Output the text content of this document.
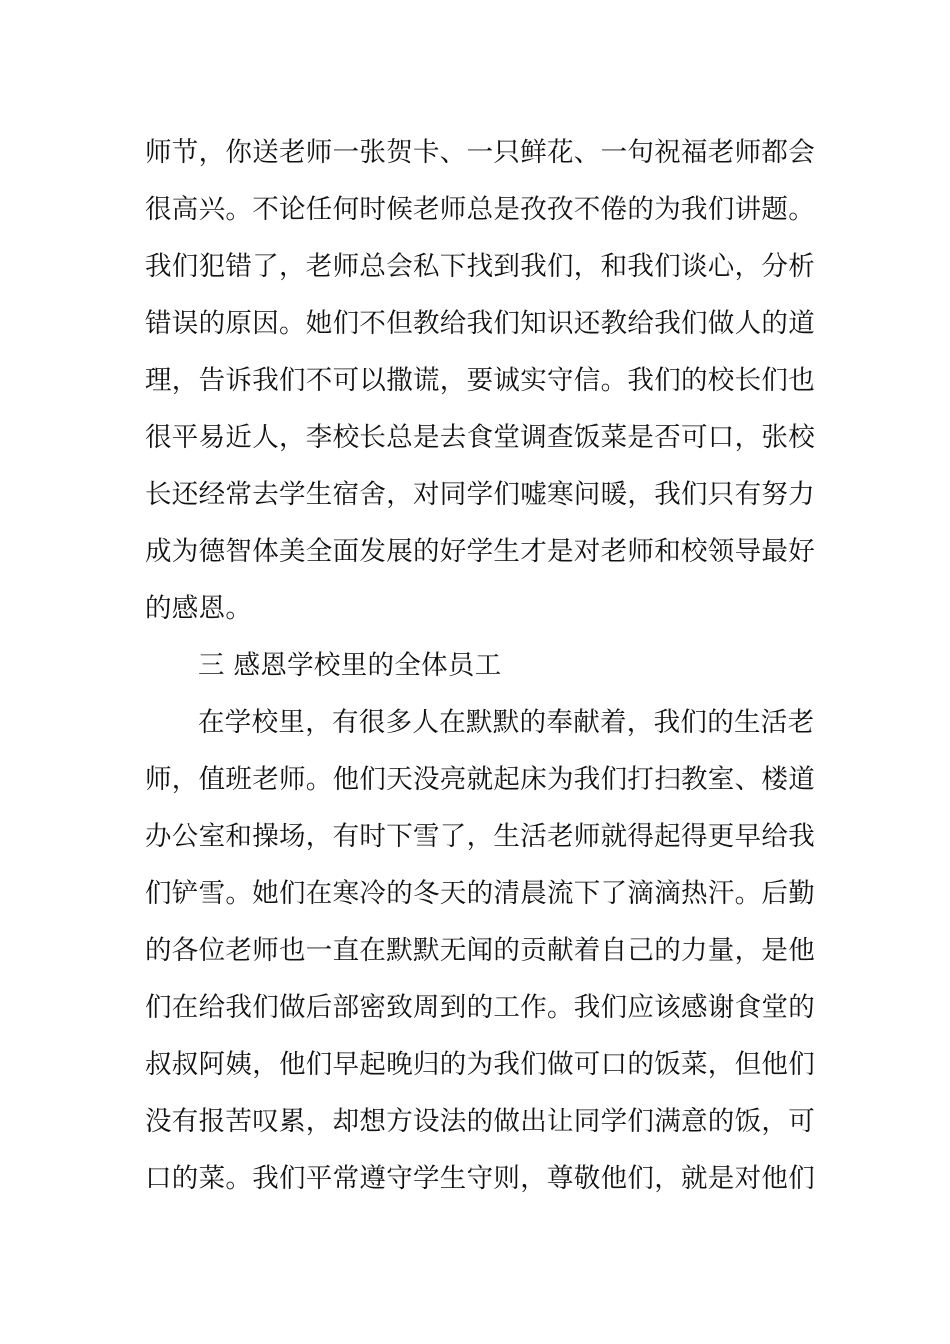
师节，你送老师一张贺卡、一只鲜花、一句祝福老师都会
很高兴。不论任何时候老师总是孜孜不倦的为我们讲题。
我们犯错了，老师总会私下找到我们，和我们谈心，分析
错误的原因。她们不但教给我们知识还教给我们做人的道
理，告诉我们不可以撒谎，要诚实守信。我们的校长们也
很平易近人，李校长总是去食堂调查饭菜是否可口，张校
长还经常去学生宿舍，对同学们嘘寒问暖，我们只有努力
成为德智体美全面发展的好学生才是对老师和校领导最好
的感恩。
三 感恩学校里的全体员工
在学校里，有很多人在默默的奉献着，我们的生活老
师，值班老师。他们天没亮就起床为我们打扫教室、楼道
办公室和操场，有时下雪了，生活老师就得起得更早给我
们铲雪。她们在寒冷的冬天的清晨流下了滴滴热汗。后勤
的各位老师也一直在默默无闻的贡献着自己的力量，是他
们在给我们做后部密致周到的工作。我们应该感谢食堂的
叔叔阿姨，他们早起晚归的为我们做可口的饭菜，但他们
没有报苦叹累，却想方设法的做出让同学们满意的饭，可
口的菜。我们平常遵守学生守则，尊敬他们，就是对他们
